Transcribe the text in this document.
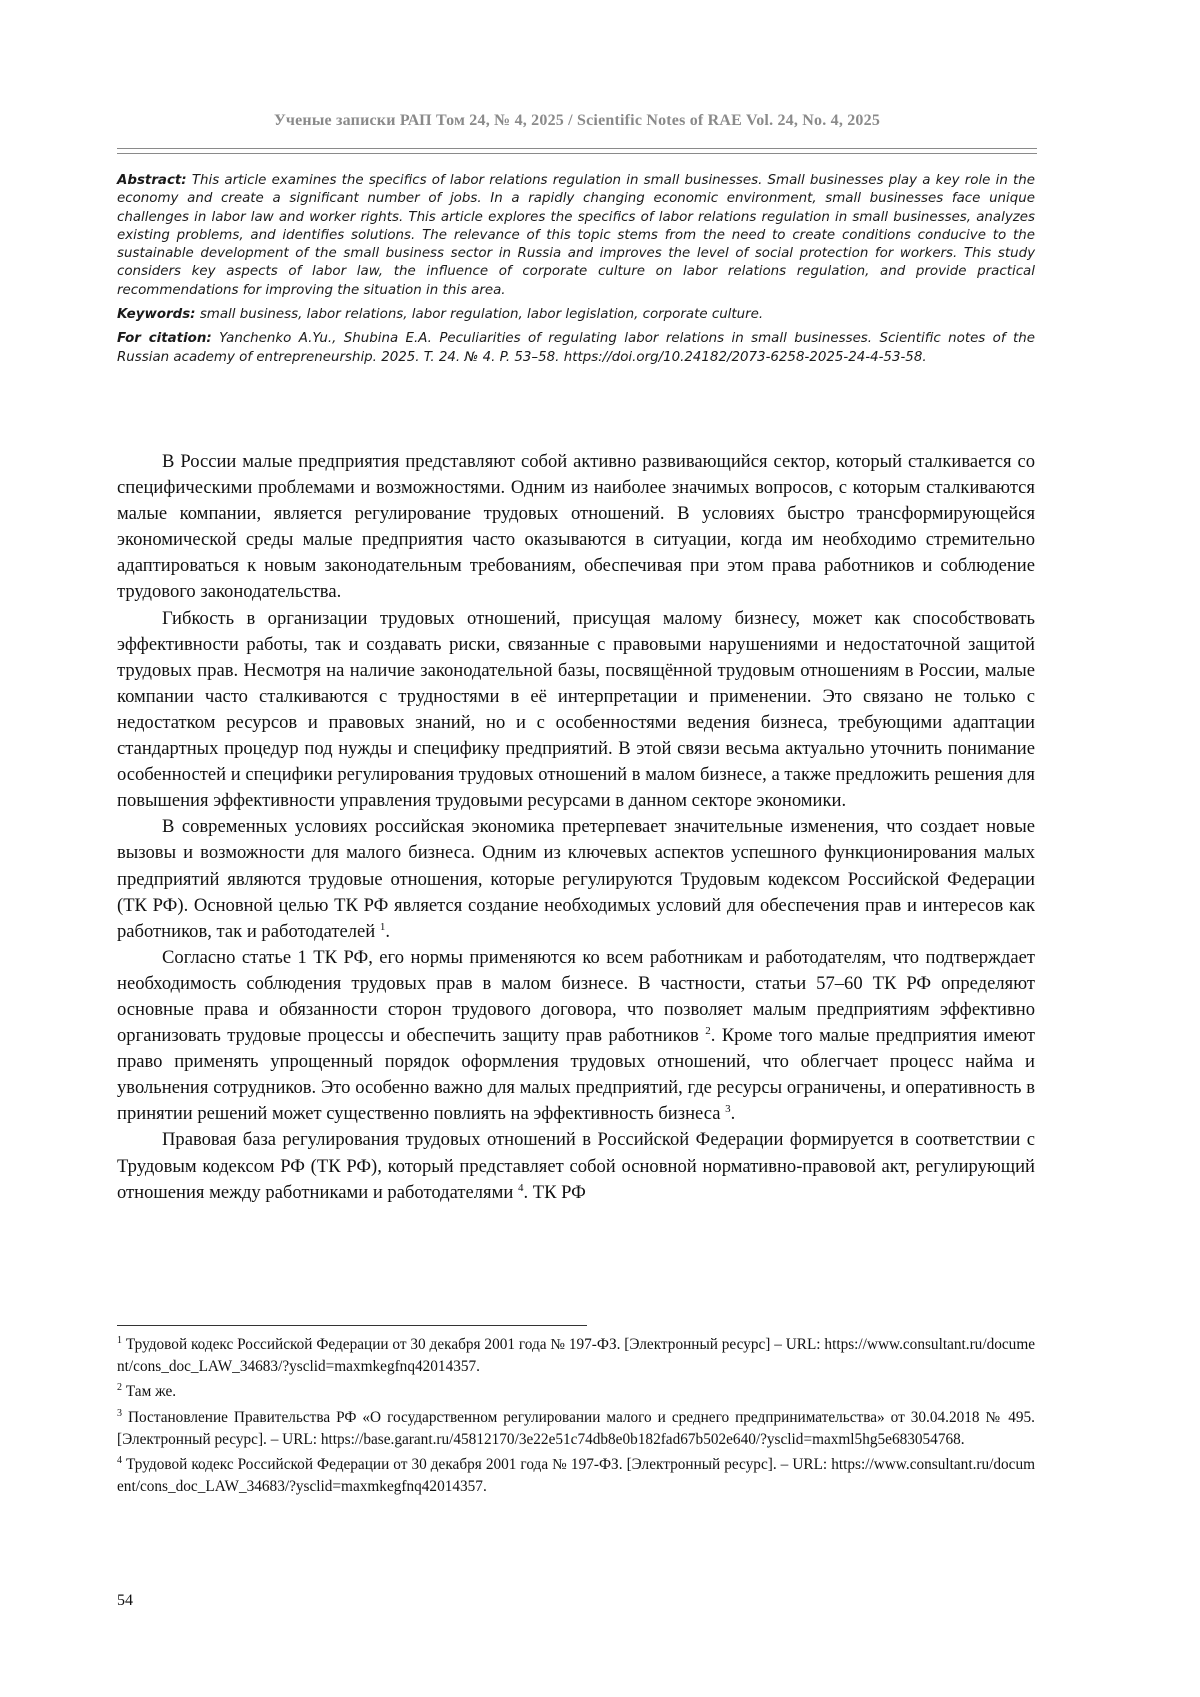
Ученые записки РАП Том 24, № 4, 2025 / Scientific Notes of RAE Vol. 24, No. 4, 2025

Abstract: This article examines the specifics of labor relations regulation in small businesses. Small businesses play a key role in the economy and create a significant number of jobs. In a rapidly changing economic environment, small businesses face unique challenges in labor law and worker rights. This article explores the specifics of labor relations regulation in small businesses, analyzes existing problems, and identifies solutions. The relevance of this topic stems from the need to create conditions conducive to the sustainable development of the small business sector in Russia and improves the level of social protection for workers. This study considers key aspects of labor law, the influence of corporate culture on labor relations regulation, and provide practical recommendations for improving the situation in this area.

Keywords: small business, labor relations, labor regulation, labor legislation, corporate culture.

For citation: Yanchenko A.Yu., Shubina E.A. Peculiarities of regulating labor relations in small businesses. Scientific notes of the Russian academy of entrepreneurship. 2025. T. 24. № 4. P. 53–58. https://doi.org/10.24182/2073-6258-2025-24-4-53-58.

В России малые предприятия представляют собой активно развивающийся сектор, который сталкивается со специфическими проблемами и возможностями. Одним из наиболее значимых вопросов, с которым сталкиваются малые компании, является регулирование трудовых отношений. В условиях быстро трансформирующейся экономической среды малые предприятия часто оказываются в ситуации, когда им необходимо стремительно адаптироваться к новым законодательным требованиям, обеспечивая при этом права работников и соблюдение трудового законодательства.

Гибкость в организации трудовых отношений, присущая малому бизнесу, может как способствовать эффективности работы, так и создавать риски, связанные с правовыми нарушениями и недостаточной защитой трудовых прав. Несмотря на наличие законодательной базы, посвящённой трудовым отношениям в России, малые компании часто сталкиваются с трудностями в её интерпретации и применении. Это связано не только с недостатком ресурсов и правовых знаний, но и с особенностями ведения бизнеса, требующими адаптации стандартных процедур под нужды и специфику предприятий. В этой связи весьма актуально уточнить понимание особенностей и специфики регулирования трудовых отношений в малом бизнесе, а также предложить решения для повышения эффективности управления трудовыми ресурсами в данном секторе экономики.

В современных условиях российская экономика претерпевает значительные изменения, что создает новые вызовы и возможности для малого бизнеса. Одним из ключевых аспектов успешного функционирования малых предприятий являются трудовые отношения, которые регулируются Трудовым кодексом Российской Федерации (ТК РФ). Основной целью ТК РФ является создание необходимых условий для обеспечения прав и интересов как работников, так и работодателей $^1$.

Согласно статье 1 ТК РФ, его нормы применяются ко всем работникам и работодателям, что подтверждает необходимость соблюдения трудовых прав в малом бизнесе. В частности, статьи 57–60 ТК РФ определяют основные права и обязанности сторон трудового договора, что позволяет малым предприятиям эффективно организовать трудовые процессы и обеспечить защиту прав работников $^2$. Кроме того малые предприятия имеют право применять упрощенный порядок оформления трудовых отношений, что облегчает процесс найма и увольнения сотрудников. Это особенно важно для малых предприятий, где ресурсы ограничены, и оперативность в принятии решений может существенно повлиять на эффективность бизнеса $^3$.

Правовая база регулирования трудовых отношений в Российской Федерации формируется в соответствии с Трудовым кодексом РФ (ТК РФ), который представляет собой основной нормативно-правовой акт, регулирующий отношения между работниками и работодателями $^4$. ТК РФ

$^1$ Трудовой кодекс Российской Федерации от 30 декабря 2001 года № 197-ФЗ. [Электронный ресурс] – URL: https://www.consultant.ru/document/cons_doc_LAW_34683/?ysclid=maxmkegfnq42014357.

$^2$ Там же.

$^3$ Постановление Правительства РФ «О государственном регулировании малого и среднего предпринимательства» от 30.04.2018 № 495. [Электронный ресурс]. – URL: https://base.garant.ru/45812170/3e22e51c74db8e0b182fad67b502e640/?ysclid=maxml5hg5e683054768.

$^4$ Трудовой кодекс Российской Федерации от 30 декабря 2001 года № 197-ФЗ. [Электронный ресурс]. – URL: https://www.consultant.ru/document/cons_doc_LAW_34683/?ysclid=maxmkegfnq42014357.

54
